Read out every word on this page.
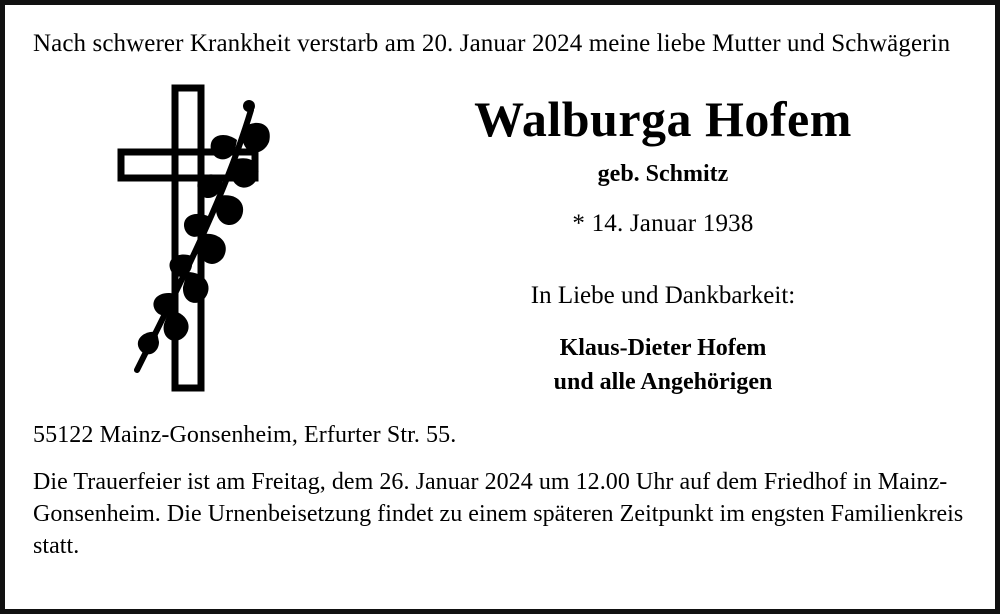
Nach schwerer Krankheit verstarb am 20. Januar 2024 meine liebe Mutter und Schwägerin

Walburga Hofem
geb. Schmitz
* 14. Januar 1938
In Liebe und Dankbarkeit:
Klaus-Dieter Hofem
und alle Angehörigen

55122 Mainz-Gonsenheim, Erfurter Str. 55.

Die Trauerfeier ist am Freitag, dem 26. Januar 2024 um 12.00 Uhr auf dem Friedhof in Mainz-Gonsenheim. Die Urnenbeisetzung findet zu einem späteren Zeitpunkt im engsten Familienkreis statt.
